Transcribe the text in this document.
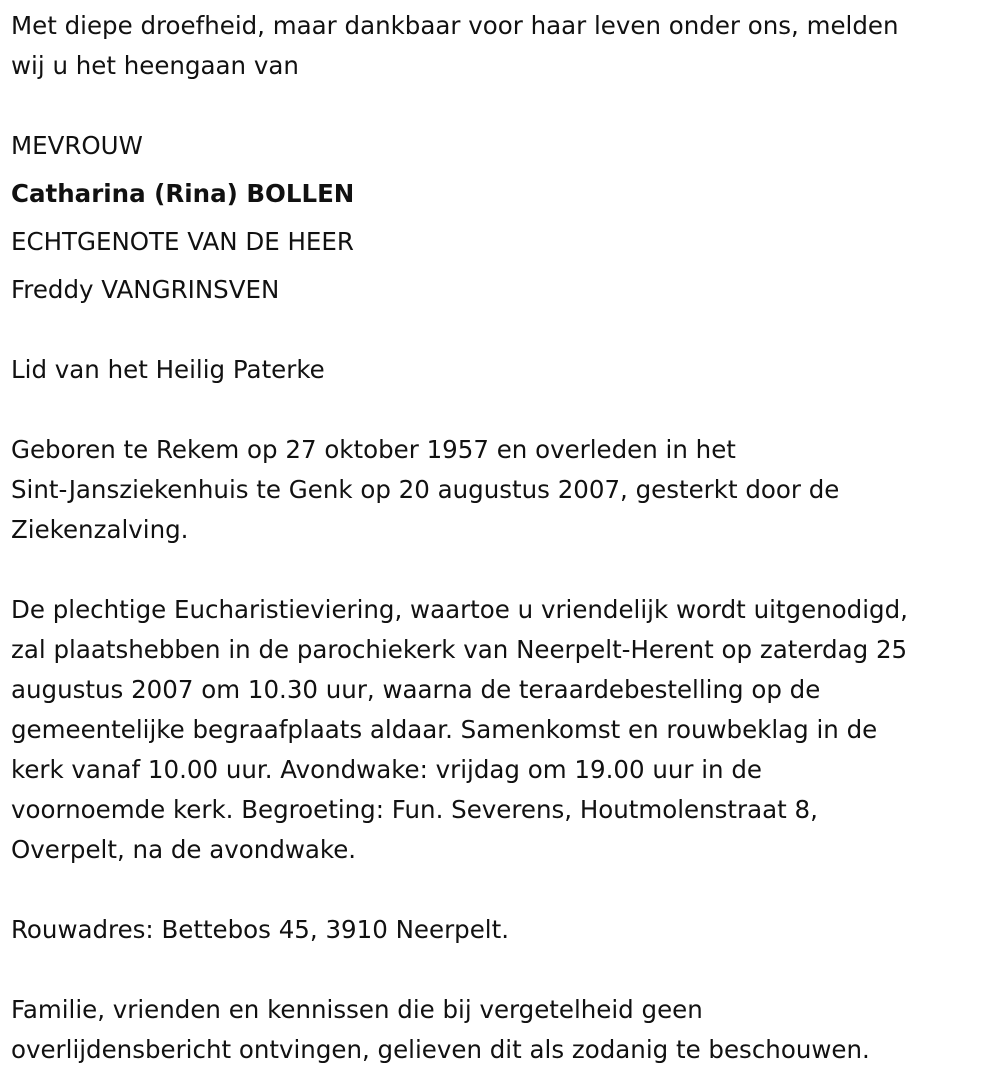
Met diepe droefheid, maar dankbaar voor haar leven onder ons, melden
wij u het heengaan van
MEVROUW
Catharina (Rina) BOLLEN
ECHTGENOTE VAN DE HEER
Freddy VANGRINSVEN
Lid van het Heilig Paterke
Geboren te Rekem op 27 oktober 1957 en overleden in het
Sint-Jansziekenhuis te Genk op 20 augustus 2007, gesterkt door de
Ziekenzalving.
De plechtige Eucharistieviering, waartoe u vriendelijk wordt uitgenodigd,
zal plaatshebben in de parochiekerk van Neerpelt-Herent op zaterdag 25
augustus 2007 om 10.30 uur, waarna de teraardebestelling op de
gemeentelijke begraafplaats aldaar. Samenkomst en rouwbeklag in de
kerk vanaf 10.00 uur. Avondwake: vrijdag om 19.00 uur in de
voornoemde kerk. Begroeting: Fun. Severens, Houtmolenstraat 8,
Overpelt, na de avondwake.
Rouwadres: Bettebos 45, 3910 Neerpelt.
Familie, vrienden en kennissen die bij vergetelheid geen
overlijdensbericht ontvingen, gelieven dit als zodanig te beschouwen.
